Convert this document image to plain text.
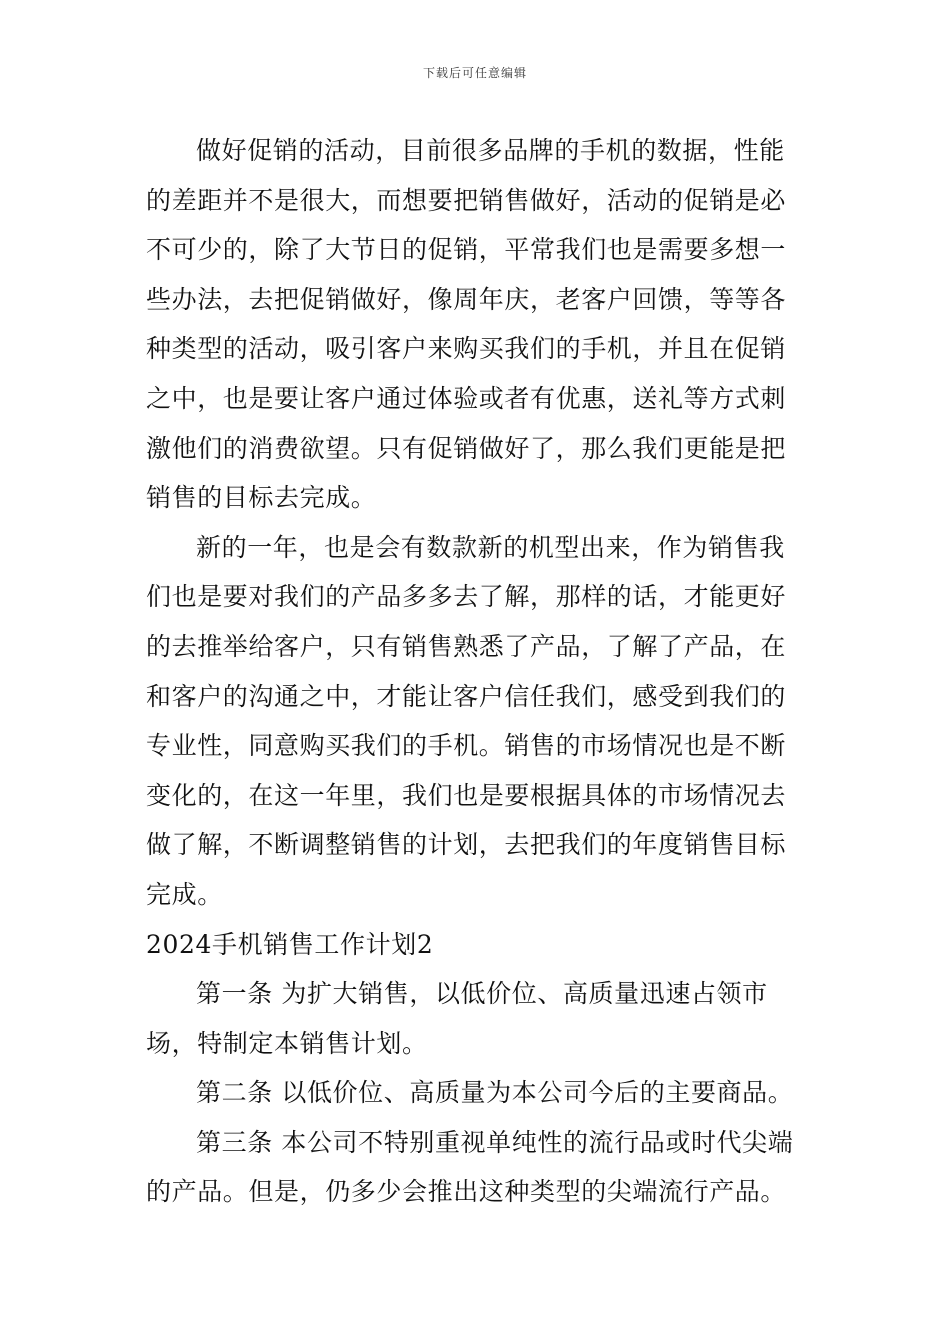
下载后可任意编辑

做好促销的活动，目前很多品牌的手机的数据，性能的差距并不是很大，而想要把销售做好，活动的促销是必不可少的，除了大节日的促销，平常我们也是需要多想一些办法，去把促销做好，像周年庆，老客户回馈，等等各种类型的活动，吸引客户来购买我们的手机，并且在促销之中，也是要让客户通过体验或者有优惠，送礼等方式刺激他们的消费欲望。只有促销做好了，那么我们更能是把销售的目标去完成。

新的一年，也是会有数款新的机型出来，作为销售我们也是要对我们的产品多多去了解，那样的话，才能更好的去推举给客户，只有销售熟悉了产品，了解了产品，在和客户的沟通之中，才能让客户信任我们，感受到我们的专业性，同意购买我们的手机。销售的市场情况也是不断变化的，在这一年里，我们也是要根据具体的市场情况去做了解，不断调整销售的计划，去把我们的年度销售目标完成。

2024手机销售工作计划2

第一条 为扩大销售，以低价位、高质量迅速占领市场，特制定本销售计划。

第二条 以低价位、高质量为本公司今后的主要商品。

第三条 本公司不特别重视单纯性的流行品或时代尖端的产品。但是，仍多少会推出这种类型的尖端流行产品。
